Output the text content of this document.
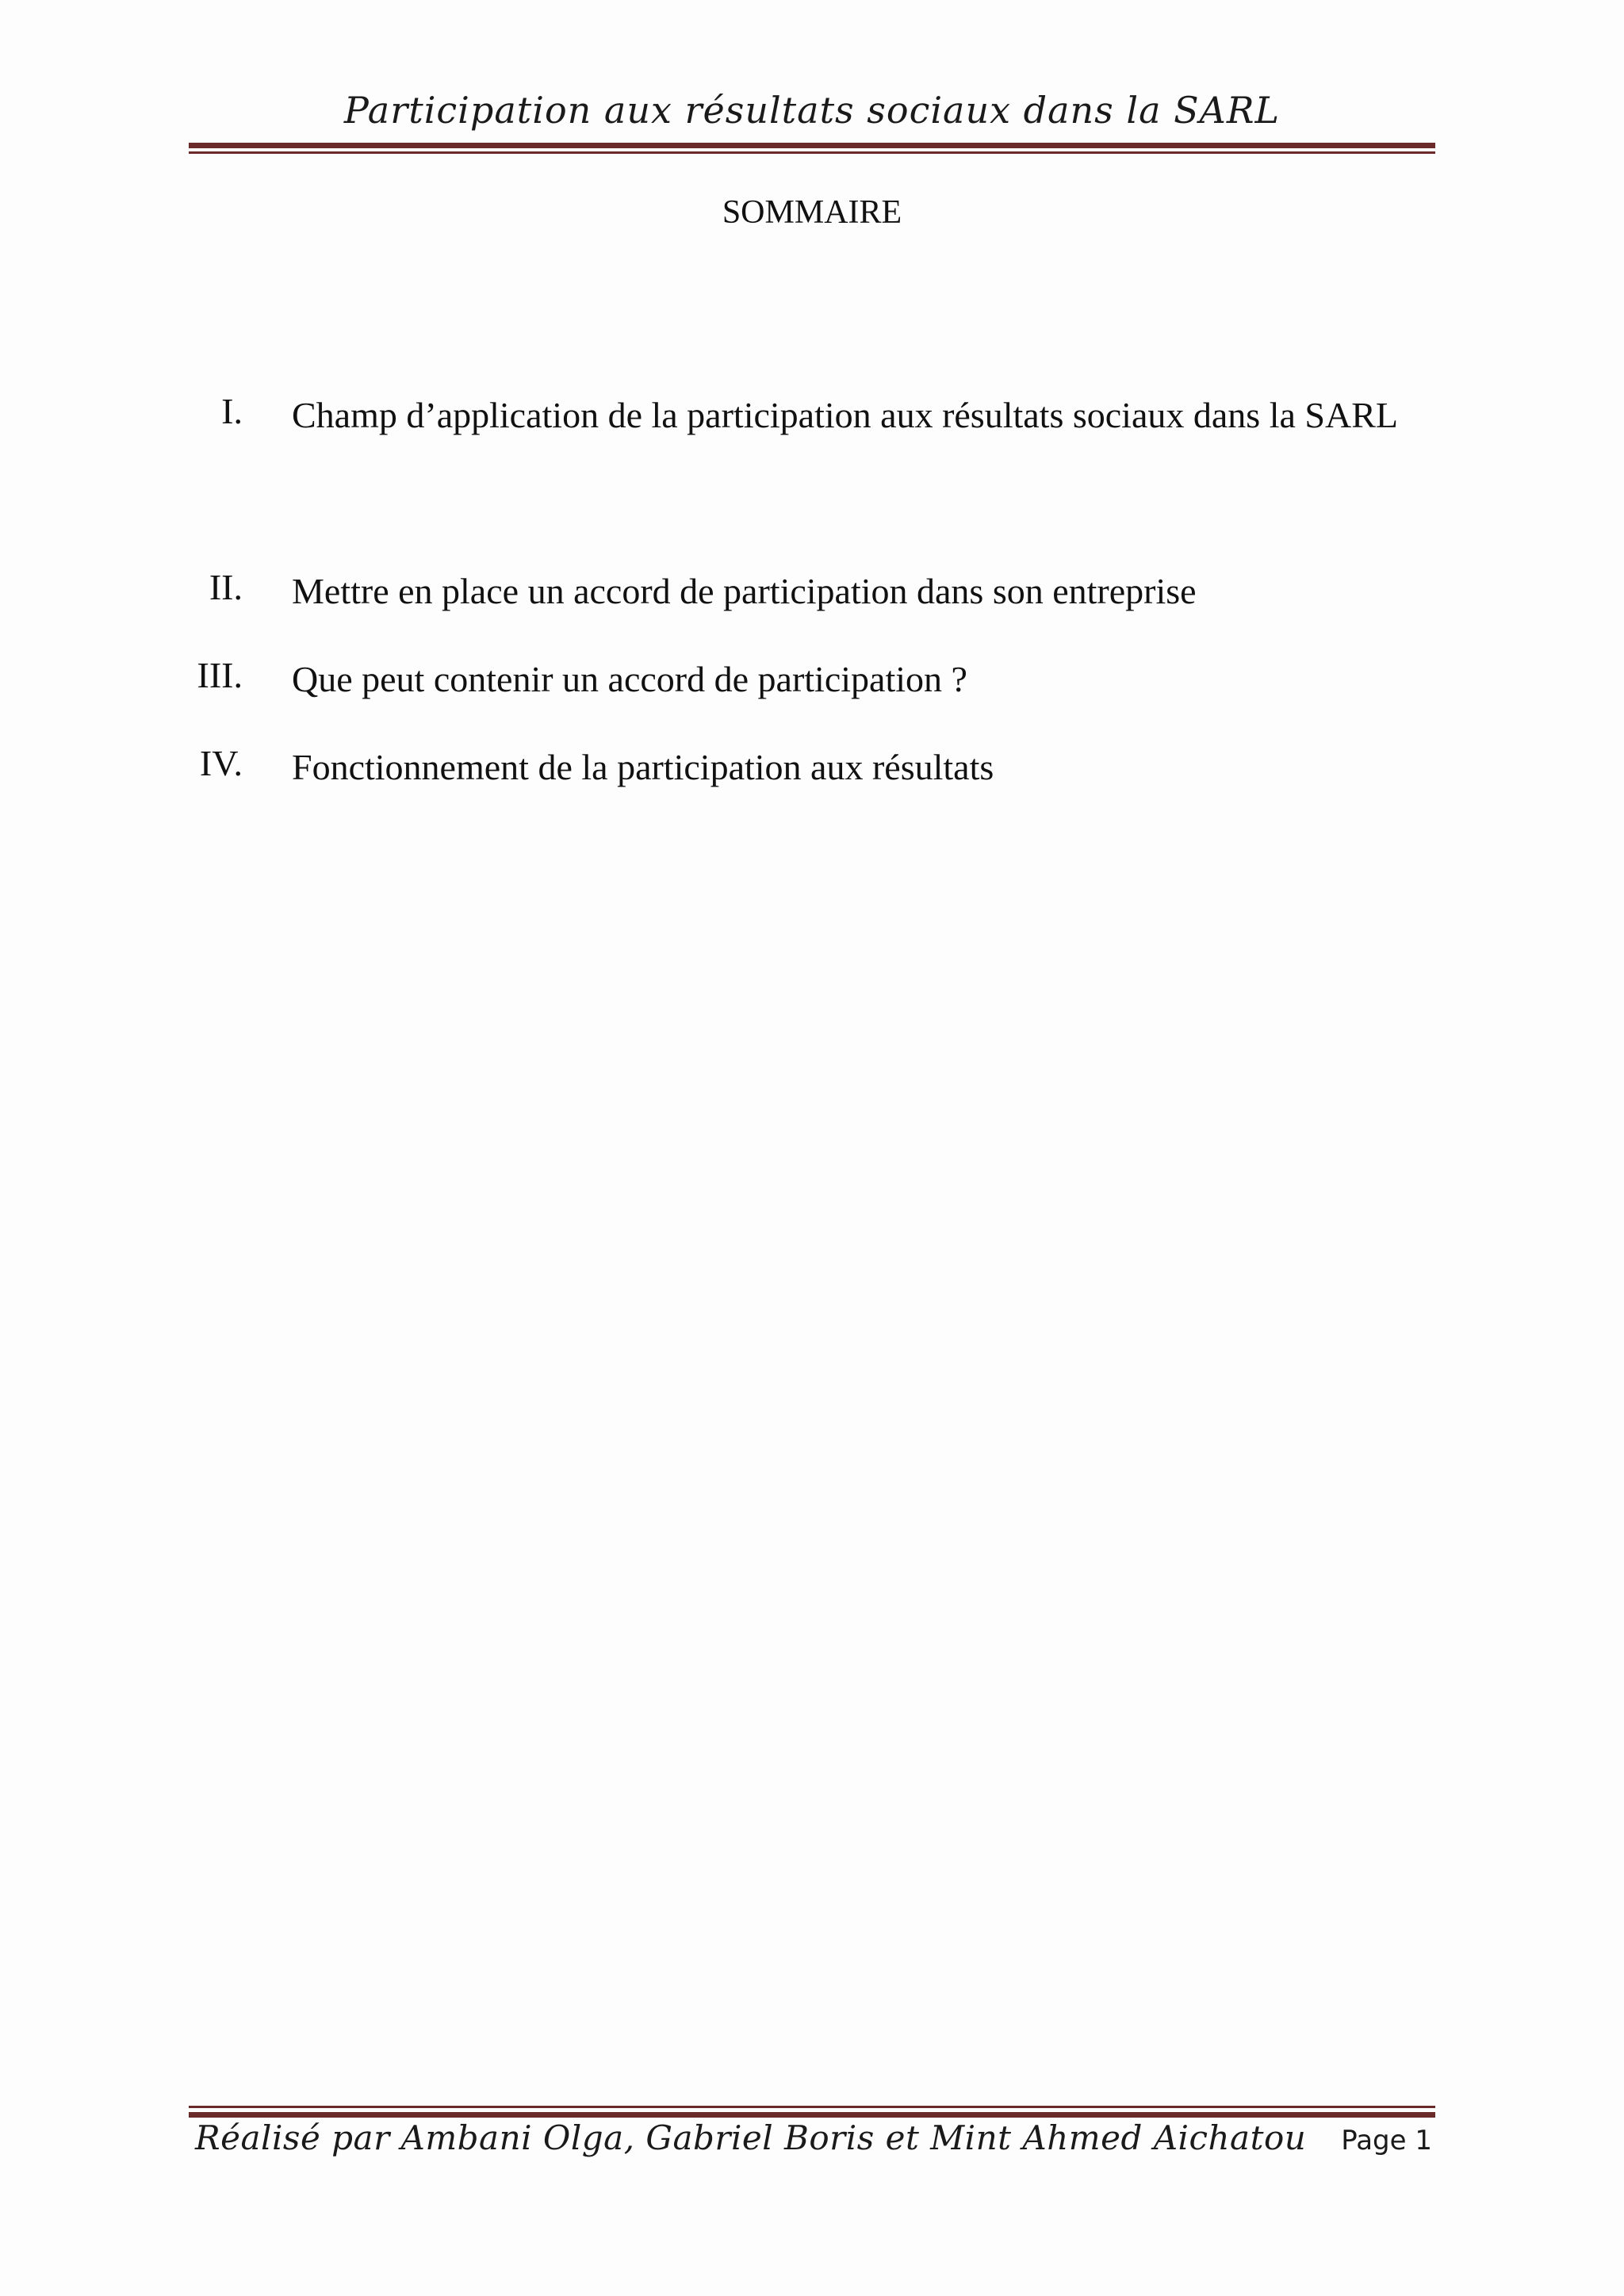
Participation aux résultats sociaux dans la SARL
SOMMAIRE
I. Champ d’application de la participation aux résultats sociaux dans la SARL
II. Mettre en place un accord de participation dans son entreprise
III. Que peut contenir un accord de participation ?
IV. Fonctionnement de la participation aux résultats
Réalisé par Ambani Olga, Gabriel Boris et Mint Ahmed Aichatou Page 1
